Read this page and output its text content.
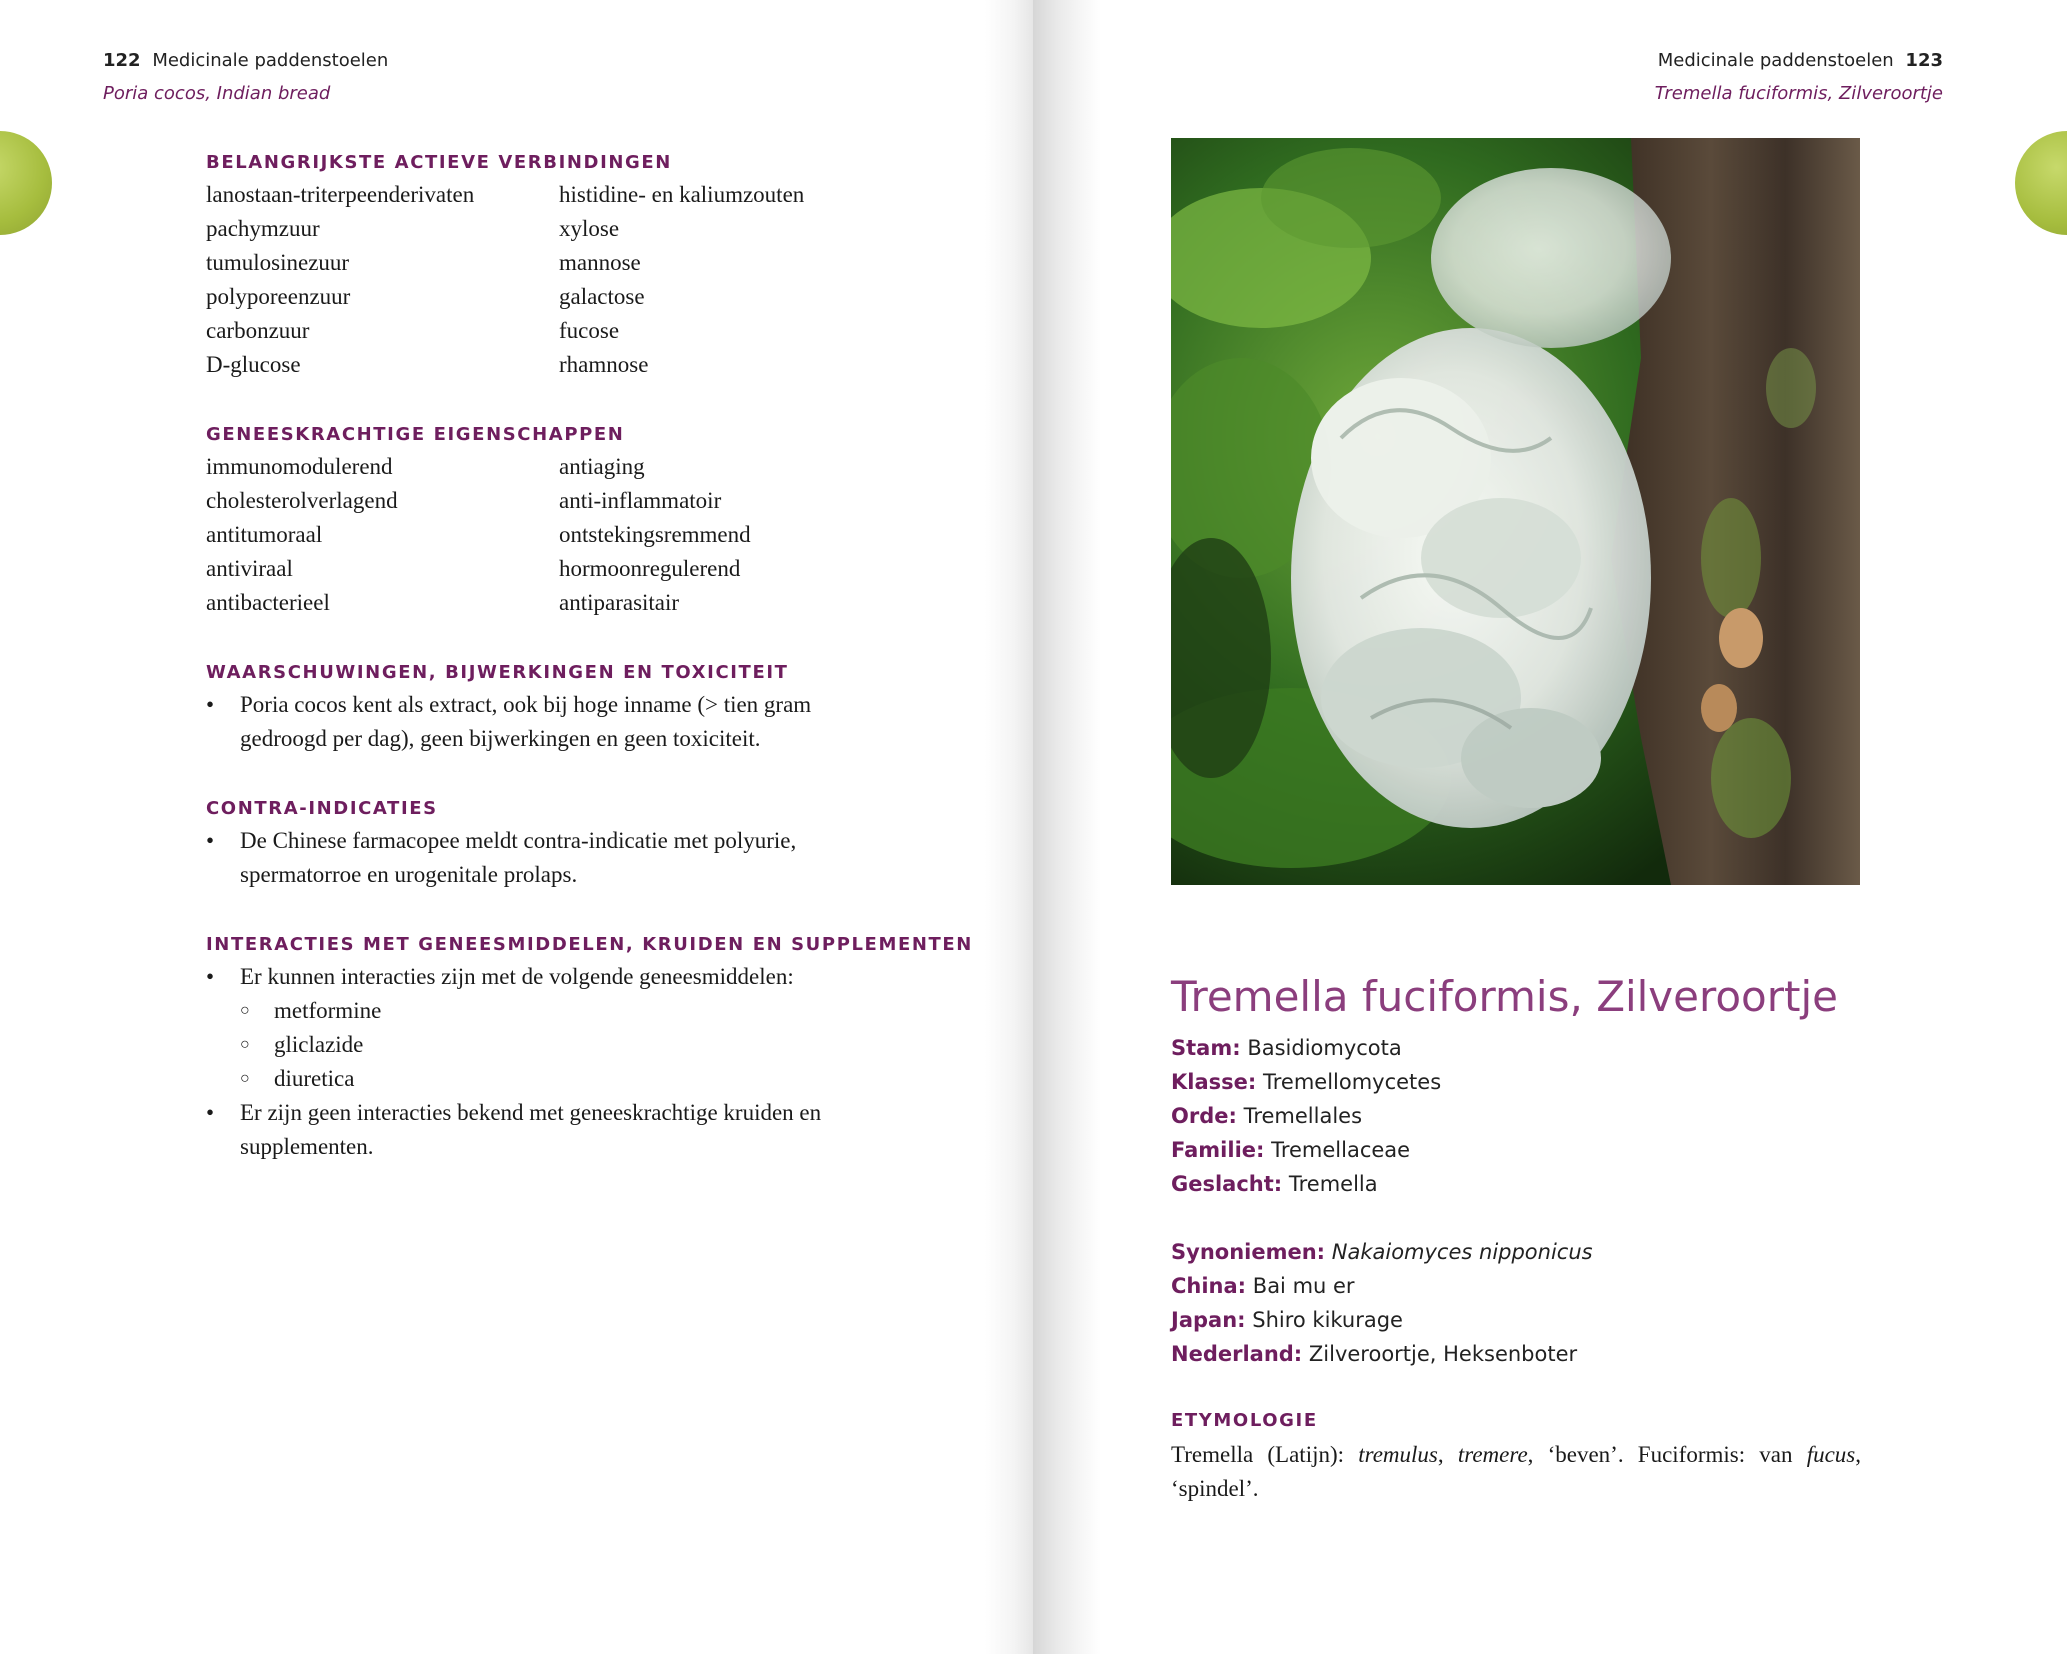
122 Medicinale paddenstoelen
Poria cocos, Indian bread
BELANGRIJKSTE ACTIEVE VERBINDINGEN
lanostaan-triterpeenderivaten	histidine- en kaliumzouten
pachymzuur	xylose
tumulosinezuur	mannose
polyporeenzuur	galactose
carbonzuur	fucose
D-glucose	rhamnose
GENEESKRACHTIGE EIGENSCHAPPEN
immunomodulerend	antiaging
cholesterolverlagend	anti-inflammatoir
antitumoraal	ontstekingsremmend
antiviraal	hormoonregulerend
antibacterieel	antiparasitair
WAARSCHUWINGEN, BIJWERKINGEN EN TOXICITEIT
• Poria cocos kent als extract, ook bij hoge inname (> tien gram gedroogd per dag), geen bijwerkingen en geen toxiciteit.
CONTRA-INDICATIES
• De Chinese farmacopee meldt contra-indicatie met polyurie, spermatorroe en urogenitale prolaps.
INTERACTIES MET GENEESMIDDELEN, KRUIDEN EN SUPPLEMENTEN
• Er kunnen interacties zijn met de volgende geneesmiddelen:
○ metformine
○ gliclazide
○ diuretica
• Er zijn geen interacties bekend met geneeskrachtige kruiden en supplementen.
Medicinale paddenstoelen 123
Tremella fuciformis, Zilveroortje
Tremella fuciformis, Zilveroortje
Stam: Basidiomycota
Klasse: Tremellomycetes
Orde: Tremellales
Familie: Tremellaceae
Geslacht: Tremella
Synoniemen: Nakaiomyces nipponicus
China: Bai mu er
Japan: Shiro kikurage
Nederland: Zilveroortje, Heksenboter
ETYMOLOGIE
Tremella (Latijn): tremulus, tremere, ‘beven’. Fuciformis: van fucus, ‘spindel’.
